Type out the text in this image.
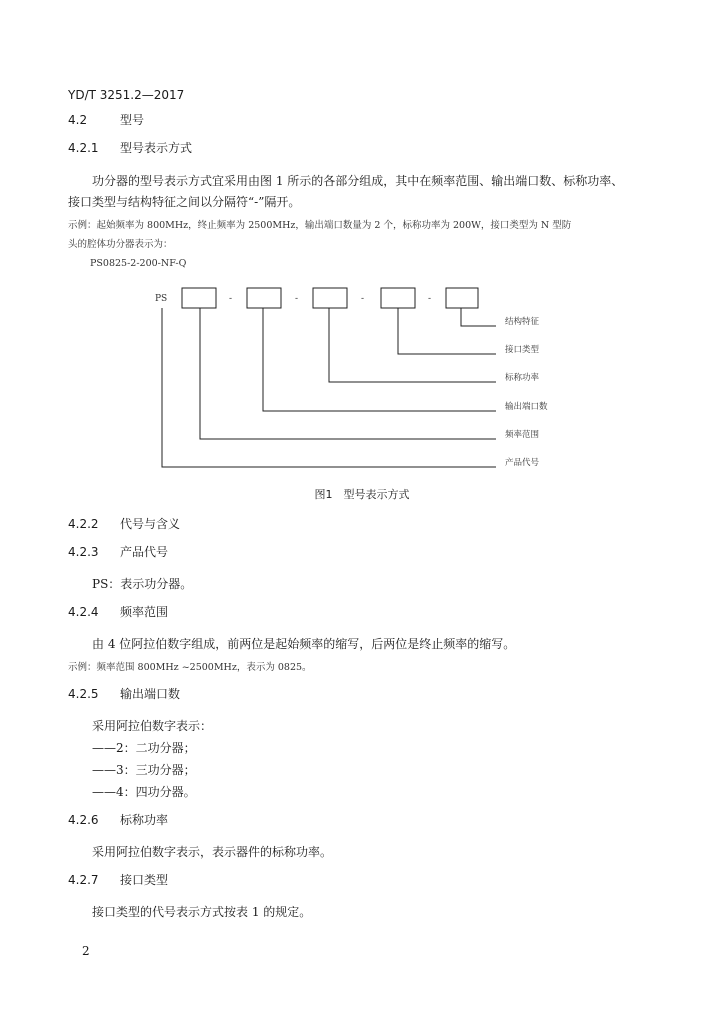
YD/T 3251.2—2017
4.2	型号
4.2.1 型号表示方式
功分器的型号表示方式宜采用由图 1 所示的各部分组成，其中在频率范围、输出端口数、标称功率、
接口类型与结构特征之间以分隔符“-”隔开。
示例：起始频率为 800MHz，终止频率为 2500MHz，输出端口数量为 2 个，标称功率为 200W，接口类型为 N 型防
头的腔体功分器表示为：
PS0825-2-200-NF-Q
PS	-	-	-	-
结构特征
接口类型
标称功率
输出端口数
频率范围
产品代号
图1　型号表示方式
4.2.2 代号与含义
4.2.3 产品代号
PS：表示功分器。
4.2.4 频率范围
由 4 位阿拉伯数字组成，前两位是起始频率的缩写，后两位是终止频率的缩写。
示例：频率范围 800MHz ~2500MHz，表示为 0825。
4.2.5 输出端口数
采用阿拉伯数字表示：
——2：二功分器；
——3：三功分器；
——4：四功分器。
4.2.6 标称功率
采用阿拉伯数字表示，表示器件的标称功率。
4.2.7 接口类型
接口类型的代号表示方式按表 1 的规定。
2
